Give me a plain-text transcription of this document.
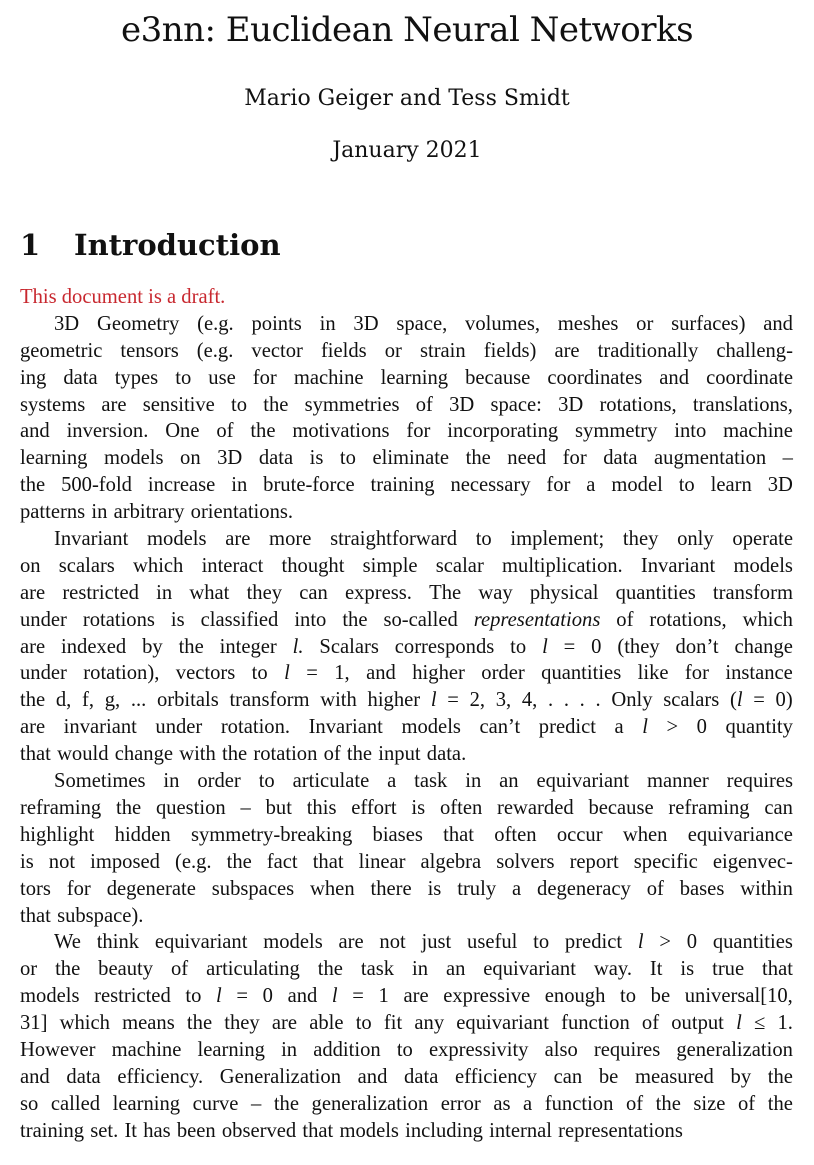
e3nn: Euclidean Neural Networks
Mario Geiger and Tess Smidt
January 2021
1 Introduction
This document is a draft.
3D Geometry (e.g. points in 3D space, volumes, meshes or surfaces) and
geometric tensors (e.g. vector fields or strain fields) are traditionally challeng-
ing data types to use for machine learning because coordinates and coordinate
systems are sensitive to the symmetries of 3D space: 3D rotations, translations,
and inversion. One of the motivations for incorporating symmetry into machine
learning models on 3D data is to eliminate the need for data augmentation –
the 500-fold increase in brute-force training necessary for a model to learn 3D
patterns in arbitrary orientations.
Invariant models are more straightforward to implement; they only operate
on scalars which interact thought simple scalar multiplication. Invariant models
are restricted in what they can express. The way physical quantities transform
under rotations is classified into the so-called representations of rotations, which
are indexed by the integer l. Scalars corresponds to l = 0 (they don’t change
under rotation), vectors to l = 1, and higher order quantities like for instance
the d, f, g, ... orbitals transform with higher l = 2, 3, 4, . . . . Only scalars (l = 0)
are invariant under rotation. Invariant models can’t predict a l > 0 quantity
that would change with the rotation of the input data.
Sometimes in order to articulate a task in an equivariant manner requires
reframing the question – but this effort is often rewarded because reframing can
highlight hidden symmetry-breaking biases that often occur when equivariance
is not imposed (e.g. the fact that linear algebra solvers report specific eigenvec-
tors for degenerate subspaces when there is truly a degeneracy of bases within
that subspace).
We think equivariant models are not just useful to predict l > 0 quantities
or the beauty of articulating the task in an equivariant way. It is true that
models restricted to l = 0 and l = 1 are expressive enough to be universal[10,
31] which means the they are able to fit any equivariant function of output l ≤ 1.
However machine learning in addition to expressivity also requires generalization
and data efficiency. Generalization and data efficiency can be measured by the
so called learning curve – the generalization error as a function of the size of the
training set. It has been observed that models including internal representations
